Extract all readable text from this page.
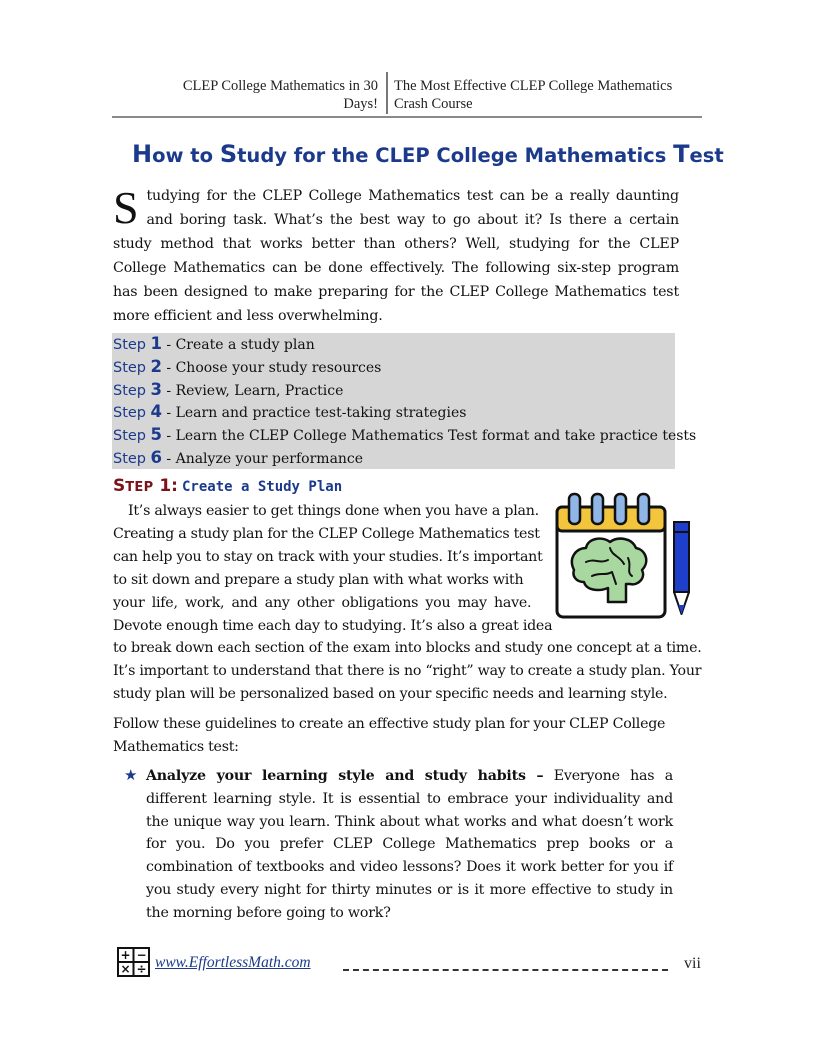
CLEP College Mathematics in 30
Days!
The Most Effective CLEP College Mathematics
Crash Course
How to Study for the CLEP College Mathematics Test
Studying for the CLEP College Mathematics test can be a really daunting and boring task. What’s the best way to go about it? Is there a certain study method that works better than others? Well, studying for the CLEP College Mathematics can be done effectively. The following six-step program has been designed to make preparing for the CLEP College Mathematics test more efficient and less overwhelming.
Step 1 - Create a study plan
Step 2 - Choose your study resources
Step 3 - Review, Learn, Practice
Step 4 - Learn and practice test-taking strategies
Step 5 - Learn the CLEP College Mathematics Test format and take practice tests
Step 6 - Analyze your performance
STEP 1: Create a Study Plan
It’s always easier to get things done when you have a plan.
Creating a study plan for the CLEP College Mathematics test
can help you to stay on track with your studies. It’s important
to sit down and prepare a study plan with what works with
your life, work, and any other obligations you may have.
Devote enough time each day to studying. It’s also a great idea
to break down each section of the exam into blocks and study one concept at a time.
It’s important to understand that there is no “right” way to create a study plan. Your
study plan will be personalized based on your specific needs and learning style.
Follow these guidelines to create an effective study plan for your CLEP College
Mathematics test:
★ Analyze your learning style and study habits – Everyone has a different learning style. It is essential to embrace your individuality and the unique way you learn. Think about what works and what doesn’t work for you. Do you prefer CLEP College Mathematics prep books or a combination of textbooks and video lessons? Does it work better for you if you study every night for thirty minutes or is it more effective to study in the morning before going to work?
+ −
× ÷ www.EffortlessMath.com	vii
